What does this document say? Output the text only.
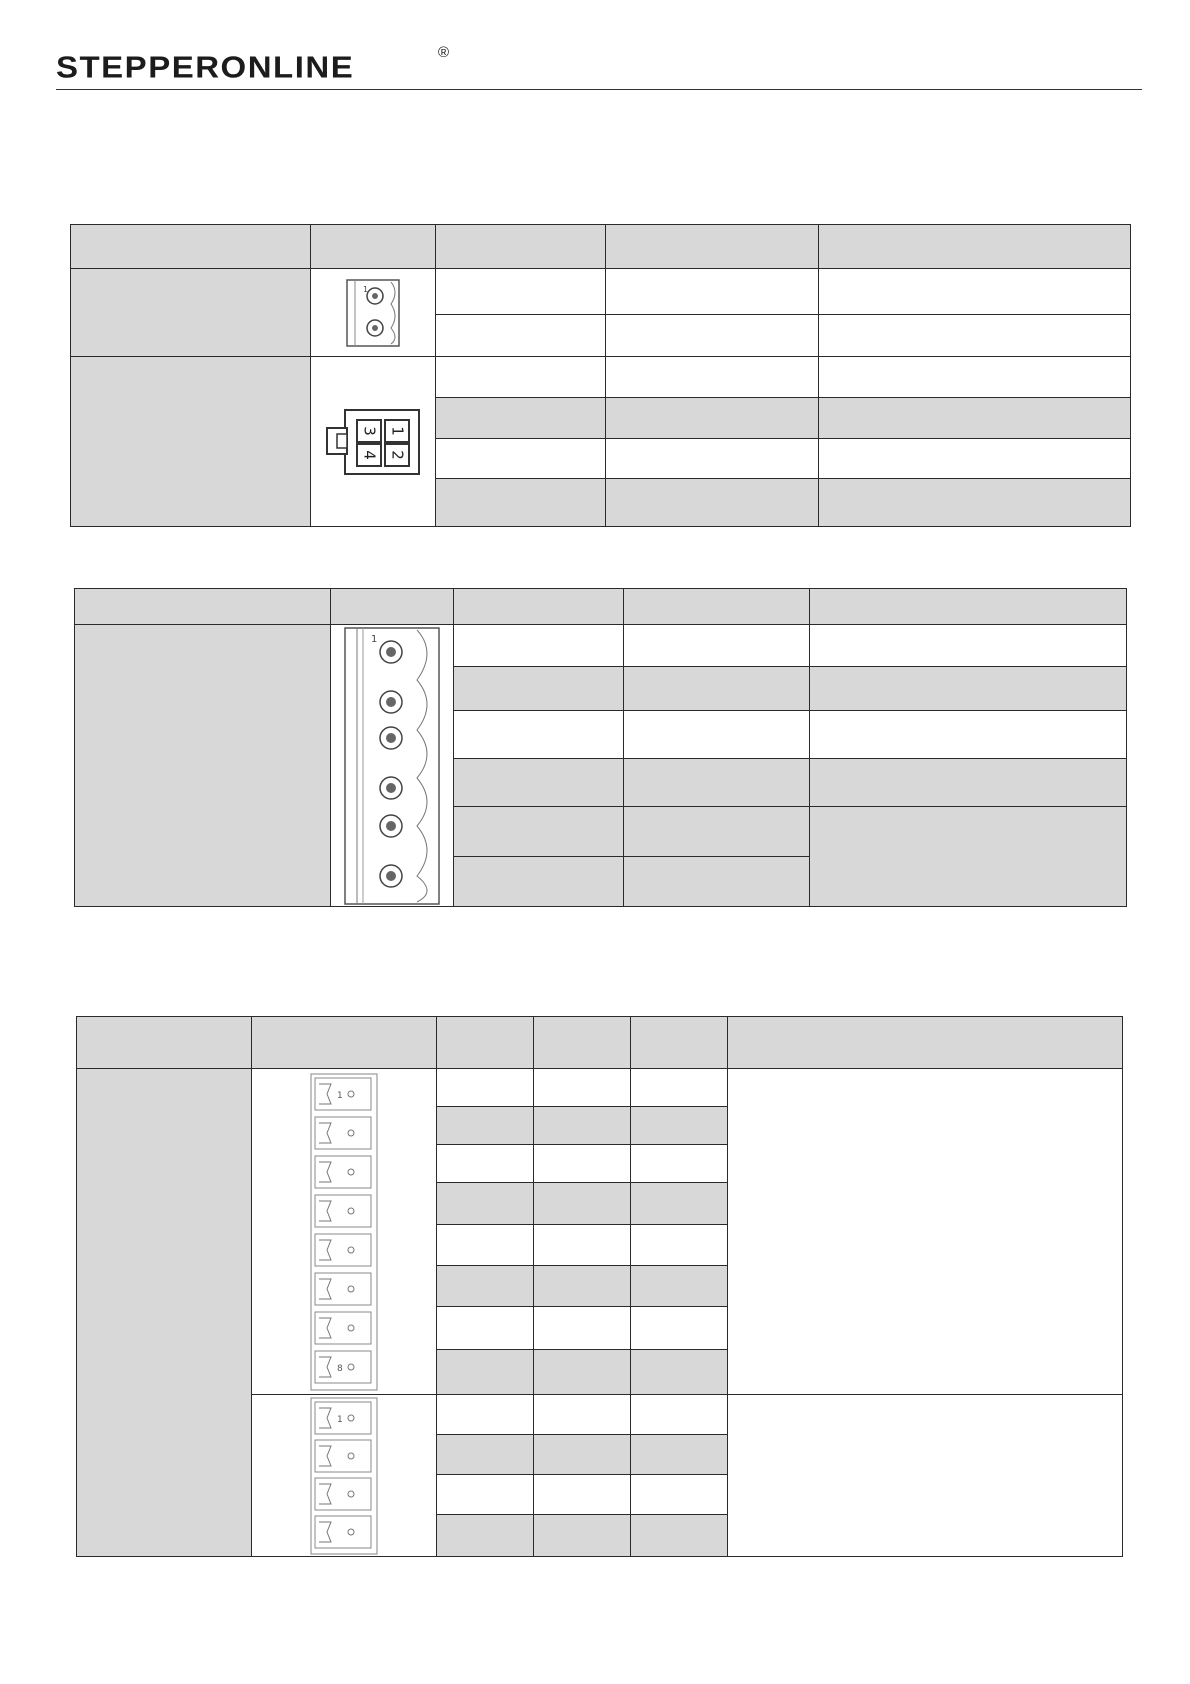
STEPPERONLINE	®

1			

3 1
4 2			

1			

1
8				

1				
